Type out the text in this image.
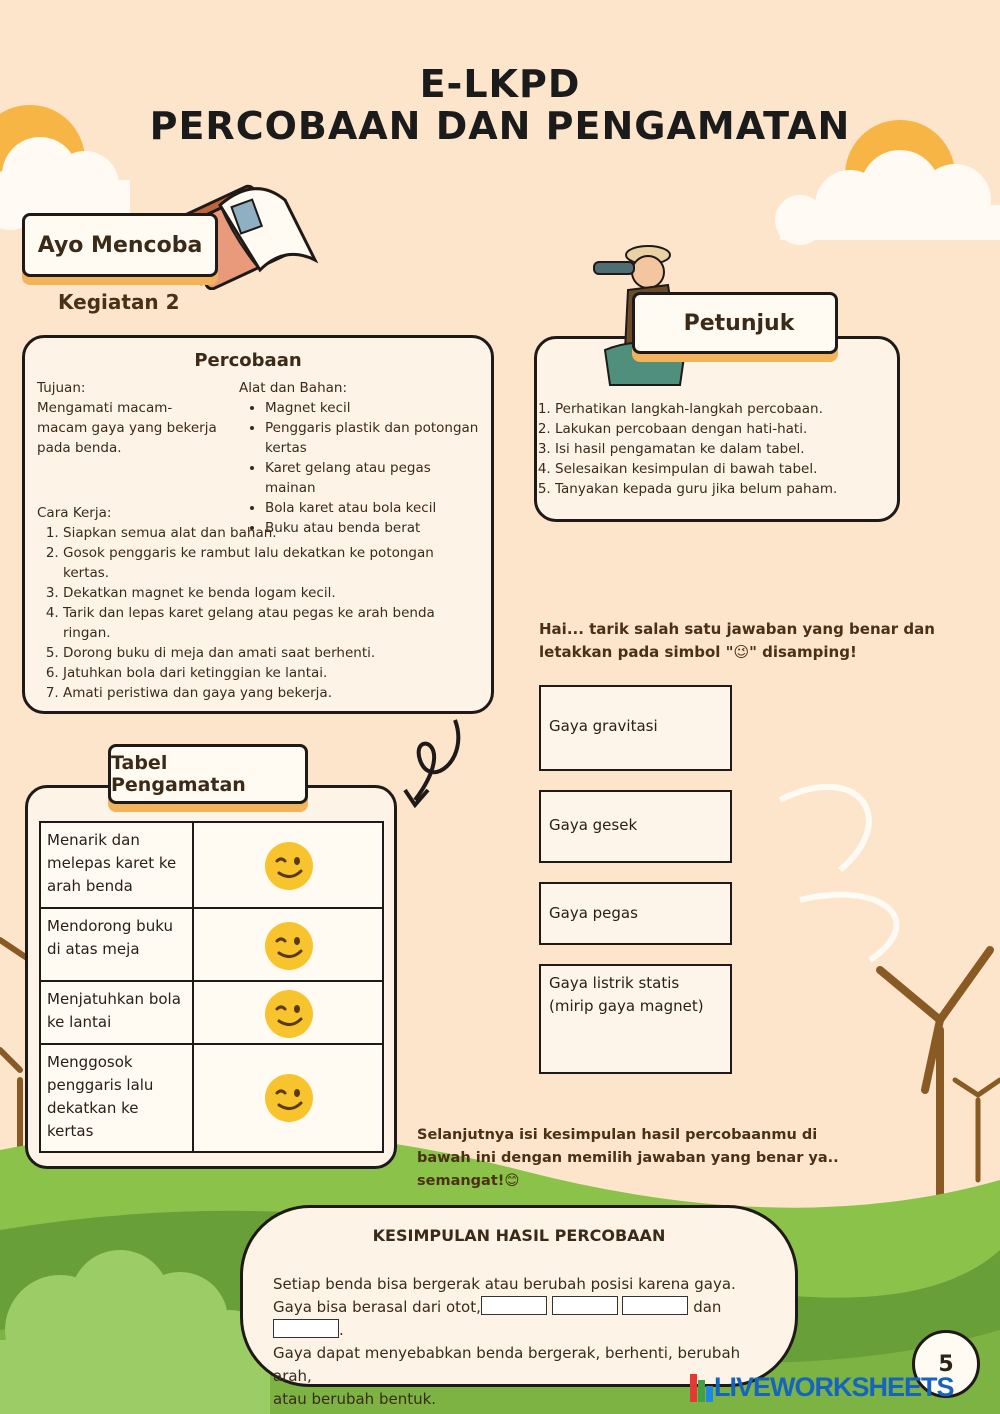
E-LKPD
PERCOBAAN DAN PENGAMATAN
Ayo Mencoba
Kegiatan 2
Percobaan
Tujuan:
Mengamati macam-macam gaya yang bekerja pada benda.
Alat dan Bahan:
• Magnet kecil
• Penggaris plastik dan potongan kertas
• Karet gelang atau pegas mainan
• Bola karet atau bola kecil
• Buku atau benda berat
Cara Kerja:
1. Siapkan semua alat dan bahan.
2. Gosok penggaris ke rambut lalu dekatkan ke potongan kertas.
3. Dekatkan magnet ke benda logam kecil.
4. Tarik dan lepas karet gelang atau pegas ke arah benda ringan.
5. Dorong buku di meja dan amati saat berhenti.
6. Jatuhkan bola dari ketinggian ke lantai.
7. Amati peristiwa dan gaya yang bekerja.
1. Perhatikan langkah-langkah percobaan.
2. Lakukan percobaan dengan hati-hati.
3. Isi hasil pengamatan ke dalam tabel.
4. Selesaikan kesimpulan di bawah tabel.
5. Tanyakan kepada guru jika belum paham.
Petunjuk
Hai... tarik salah satu jawaban yang benar dan letakkan pada simbol "😉" disamping!
Gaya gravitasi
Gaya gesek
Gaya pegas
Gaya listrik statis (mirip gaya magnet)
Menarik dan melepas karet ke arah benda
Mendorong buku di atas meja
Menjatuhkan bola ke lantai
Menggosok penggaris lalu dekatkan ke kertas
Tabel Pengamatan
Selanjutnya isi kesimpulan hasil percobaanmu di bawah ini dengan memilih jawaban yang benar ya.. semangat!😊
KESIMPULAN HASIL PERCOBAAN
Setiap benda bisa bergerak atau berubah posisi karena gaya.
Gaya bisa berasal dari otot,	dan.
Gaya dapat menyebabkan benda bergerak, berhenti, berubah arah,
atau berubah bentuk.
5
LIVEWORKSHEETS
